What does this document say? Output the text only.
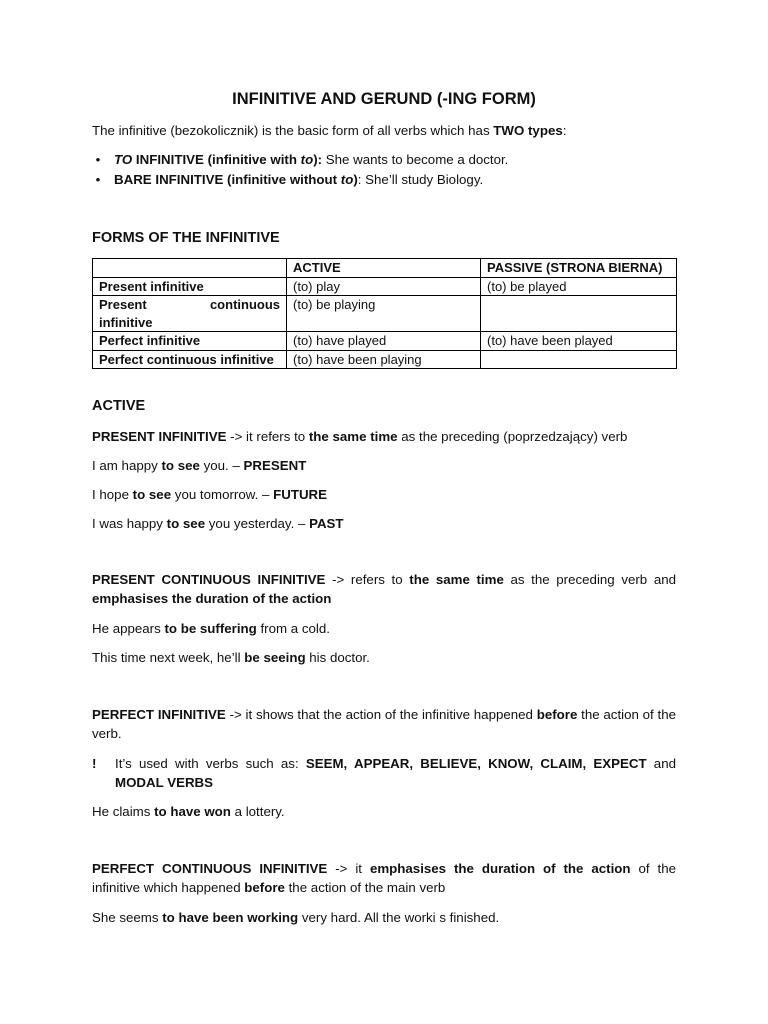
INFINITIVE AND GERUND (-ING FORM)
The infinitive (bezokolicznik) is the basic form of all verbs which has TWO types:
• TO INFINITIVE (infinitive with to): She wants to become a doctor.
• BARE INFINITIVE (infinitive without to): She’ll study Biology.
FORMS OF THE INFINITIVE
	ACTIVE	PASSIVE (STRONA BIERNA)
Present infinitive	(to) play	(to) be played

Present continuous
infinitive	(to) be playing	
Perfect infinitive	(to) have played	(to) have been played
Perfect continuous infinitive	(to) have been playing	
ACTIVE
PRESENT INFINITIVE -> it refers to the same time as the preceding (poprzedzający) verb
I am happy to see you. – PRESENT
I hope to see you tomorrow. – FUTURE
I was happy to see you yesterday. – PAST
PRESENT CONTINUOUS INFINITIVE -> refers to the same time as the preceding verb and emphasises the duration of the action
He appears to be suffering from a cold.
This time next week, he’ll be seeing his doctor.
PERFECT INFINITIVE -> it shows that the action of the infinitive happened before the action of the verb.
! It’s used with verbs such as: SEEM, APPEAR, BELIEVE, KNOW, CLAIM, EXPECT and MODAL VERBS
He claims to have won a lottery.
PERFECT CONTINUOUS INFINITIVE -> it emphasises the duration of the action of the infinitive which happened before the action of the main verb
She seems to have been working very hard. All the worki s finished.
